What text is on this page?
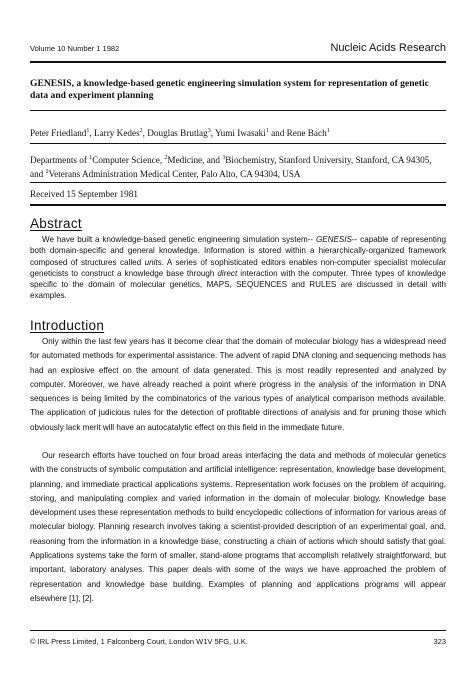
Volume 10 Number 1 1982	Nucleic Acids Research
GENESIS, a knowledge-based genetic engineering simulation system for representation of genetic data and experiment planning
Peter Friedland$^1$, Larry Kedes$^2$, Douglas Brutlag$^3$, Yumi Iwasaki$^1$ and Rene Bach$^1$
Departments of $^1$Computer Science, $^2$Medicine, and $^3$Biochemistry, Stanford University, Stanford, CA 94305, and $^2$Veterans Administration Medical Center, Palo Alto, CA 94304, USA
Received 15 September 1981
Abstract

We have built a knowledge-based genetic engineering simulation system-- GENESIS-- capable of representing both domain-specific and general knowledge. Information is stored within a hierarchically-organized framework composed of structures called units. A series of sophisticated editors enables non-computer specialist molecular geneticists to construct a knowledge base through direct interaction with the computer. Three types of knowledge specific to the domain of molecular genetics, MAPS, SEQUENCES and RULES are discussed in detail with examples.

Introduction

Only within the last few years has it become clear that the domain of molecular biology has a widespread need for automated methods for experimental assistance. The advent of rapid DNA cloning and sequencing methods has had an explosive effect on the amount of data generated. This is most readily represented and analyzed by computer. Moreover, we have already reached a point where progress in the analysis of the information in DNA sequences is being limited by the combinatorics of the various types of analytical comparison methods available. The application of judicious rules for the detection of profitable directions of analysis and for pruning those which obviously lack merit will have an autocatalytic effect on this field in the immediate future.

Our research efforts have touched on four broad areas interfacing the data and methods of molecular genetics with the constructs of symbolic computation and artificial intelligence: representation, knowledge base development, planning, and immediate practical applications systems. Representation work focuses on the problem of acquiring, storing, and manipulating complex and varied information in the domain of molecular biology. Knowledge base development uses these representation methods to build encyclopedic collections of information for various areas of molecular biology. Planning research involves taking a scientist-provided description of an experimental goal, and, reasoning from the information in a knowledge base, constructing a chain of actions which should satisfy that goal. Applications systems take the form of smaller, stand-alone programs that accomplish relatively straightforward, but important, laboratory analyses. This paper deals with some of the ways we have approached the problem of representation and knowledge base building. Examples of planning and applications programs will appear elsewhere [1], [2].

© IRL Press Limited, 1 Falconberg Court, London W1V 5FG, U.K.	323
